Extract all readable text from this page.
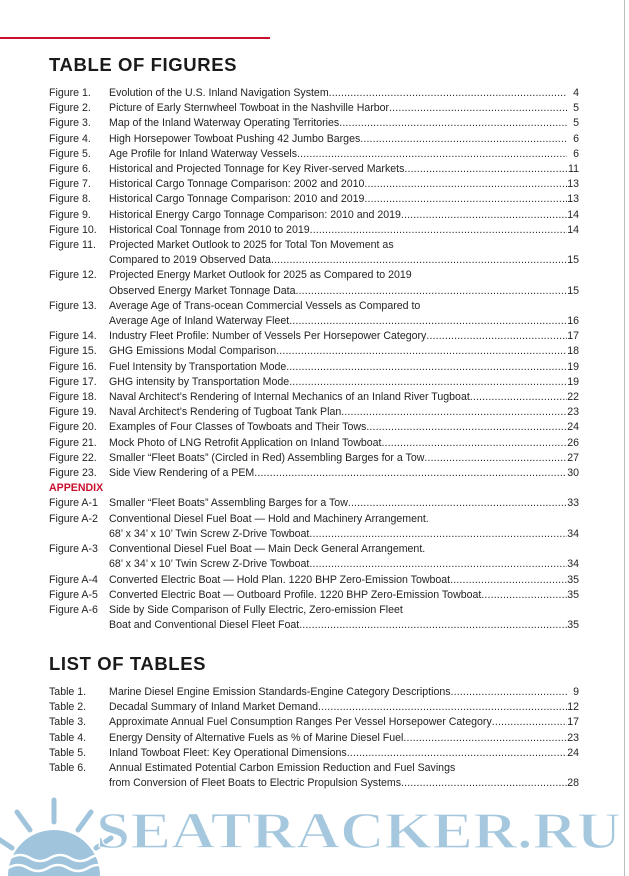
TABLE OF FIGURES
Figure 1.	Evolution of the U.S. Inland Navigation System . . .	4
Figure 2.	Picture of Early Sternwheel Towboat in the Nashville Harbor . . .	5
Figure 3.	Map of the Inland Waterway Operating Territories . . .	5
Figure 4.	High Horsepower Towboat Pushing 42 Jumbo Barges . . .	6
Figure 5.	Age Profile for Inland Waterway Vessels . . .	6
Figure 6.	Historical and Projected Tonnage for Key River-served Markets . . .	11
Figure 7.	Historical Cargo Tonnage Comparison: 2002 and 2010 . . .	13
Figure 8.	Historical Cargo Tonnage Comparison: 2010 and 2019 . . .	13
Figure 9.	Historical Energy Cargo Tonnage Comparison: 2010 and 2019 . . .	14
Figure 10.	Historical Coal Tonnage from 2010 to 2019 . . .	14
Figure 11.	Projected Market Outlook to 2025 for Total Ton Movement as
Compared to 2019 Observed Data . . .	15
Figure 12.	Projected Energy Market Outlook for 2025 as Compared to 2019
Observed Energy Market Tonnage Data . . .	15
Figure 13.	Average Age of Trans-ocean Commercial Vessels as Compared to
Average Age of Inland Waterway Fleet . . .	16
Figure 14.	Industry Fleet Profile: Number of Vessels Per Horsepower Category . . .	17
Figure 15.	GHG Emissions Modal Comparison . . .	18
Figure 16.	Fuel Intensity by Transportation Mode. . . .	19
Figure 17.	GHG intensity by Transportation Mode . . .	19
Figure 18.	Naval Architect’s Rendering of Internal Mechanics of an Inland River Tugboat . . .	22
Figure 19.	Naval Architect’s Rendering of Tugboat Tank Plan . . .	23
Figure 20.	Examples of Four Classes of Towboats and Their Tows . . .	24
Figure 21.	Mock Photo of LNG Retrofit Application on Inland Towboat . . .	26
Figure 22.	Smaller “Fleet Boats” (Circled in Red) Assembling Barges for a Tow . . .	27
Figure 23.	Side View Rendering of a PEM . . .	30
APPENDIX
Figure A-1	Smaller “Fleet Boats” Assembling Barges for a Tow . . .	33
Figure A-2	Conventional Diesel Fuel Boat — Hold and Machinery Arrangement.
68’ x 34’ x 10’ Twin Screw Z-Drive Towboat . . .	34
Figure A-3	Conventional Diesel Fuel Boat — Main Deck General Arrangement.
68’ x 34’ x 10’ Twin Screw Z-Drive Towboat . . .	34
Figure A-4	Converted Electric Boat — Hold Plan. 1220 BHP Zero-Emission Towboat . . .	35
Figure A-5	Converted Electric Boat — Outboard Profile. 1220 BHP Zero-Emission Towboat . . .	35
Figure A-6	Side by Side Comparison of Fully Electric, Zero-emission Fleet
Boat and Conventional Diesel Fleet Foat . . .	35
LIST OF TABLES
Table 1.	Marine Diesel Engine Emission Standards-Engine Category Descriptions . . .	9
Table 2.	Decadal Summary of Inland Market Demand . . .	12
Table 3.	Approximate Annual Fuel Consumption Ranges Per Vessel Horsepower Category . . .	17
Table 4.	Energy Density of Alternative Fuels as % of Marine Diesel Fuel . . .	23
Table 5.	Inland Towboat Fleet: Key Operational Dimensions . . .	24
Table 6.	Annual Estimated Potential Carbon Emission Reduction and Fuel Savings
from Conversion of Fleet Boats to Electric Propulsion Systems . . .	28
SEATRACKER.RU
